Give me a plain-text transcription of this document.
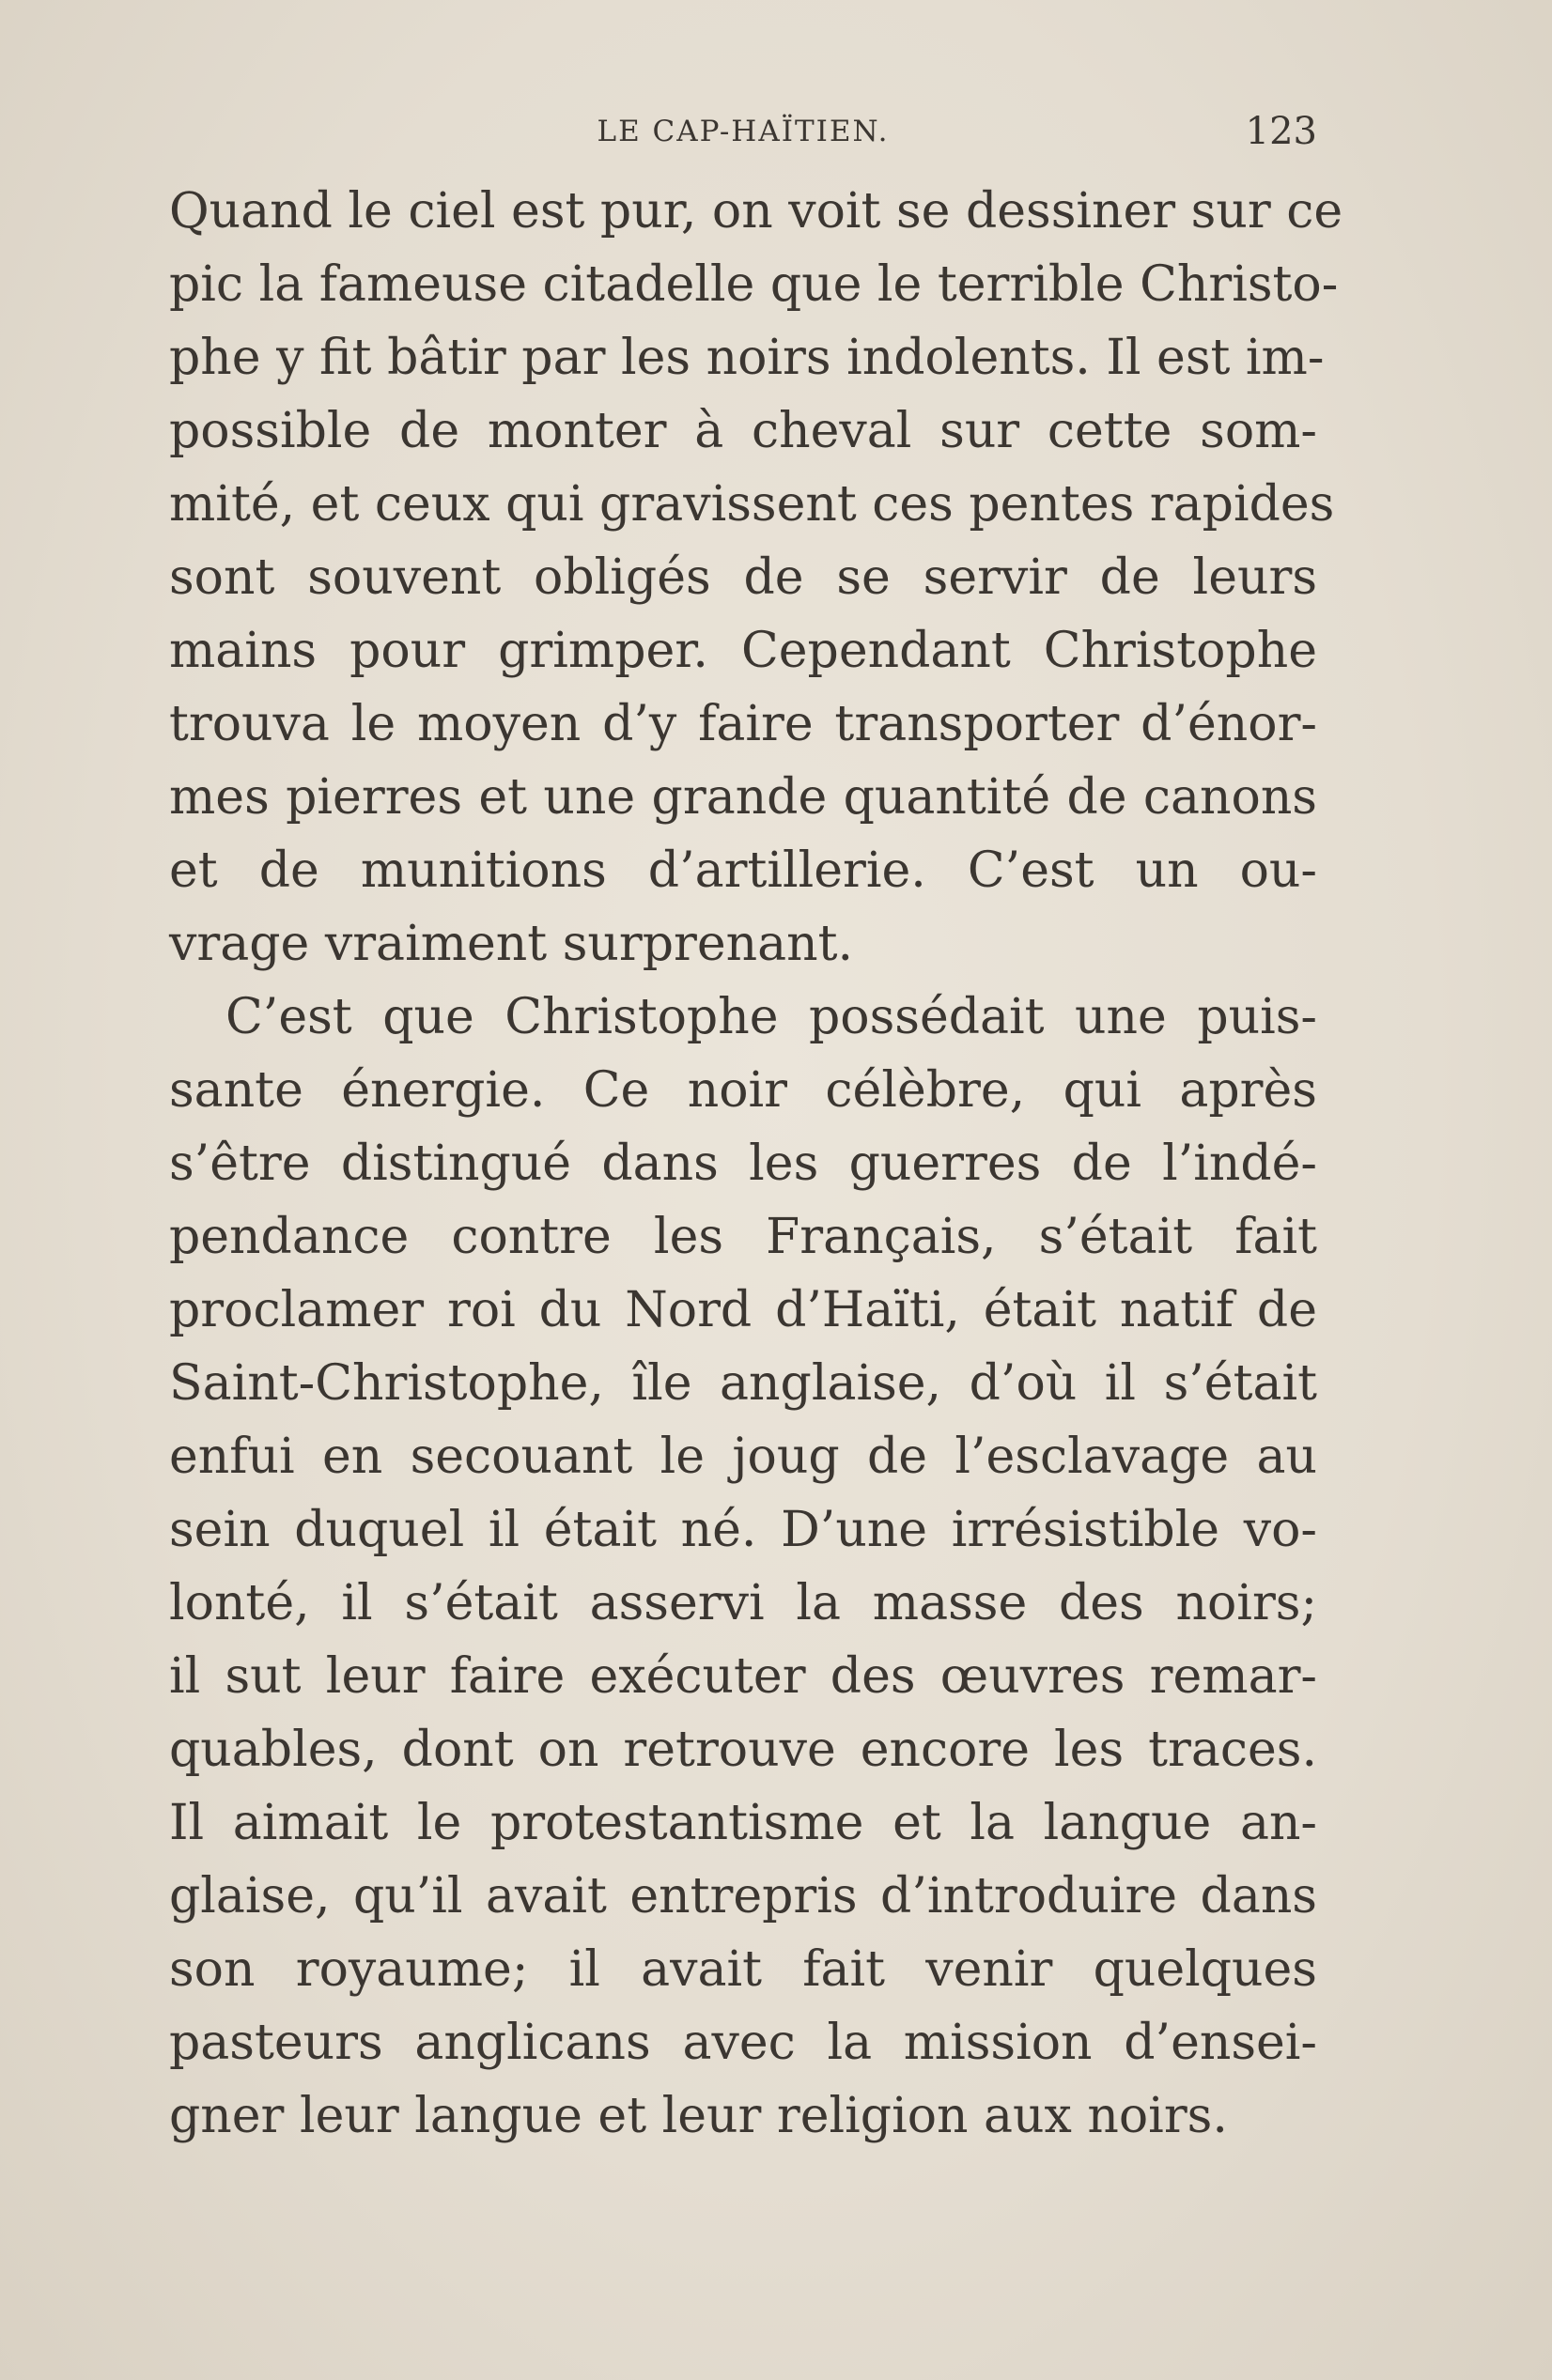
LE CAP-HAÏTIEN.	123
Quand le ciel est pur, on voit se dessiner sur ce
pic la fameuse citadelle que le terrible Christo-
phe y fit bâtir par les noirs indolents. Il est im-
possible de monter à cheval sur cette som-
mité, et ceux qui gravissent ces pentes rapides
sont souvent obligés de se servir de leurs
mains pour grimper. Cependant Christophe
trouva le moyen d’y faire transporter d’énor-
mes pierres et une grande quantité de canons
et de munitions d’artillerie. C’est un ou-
vrage vraiment surprenant.
C’est que Christophe possédait une puis-
sante énergie. Ce noir célèbre, qui après
s’être distingué dans les guerres de l’indé-
pendance contre les Français, s’était fait
proclamer roi du Nord d’Haïti, était natif de
Saint-Christophe, île anglaise, d’où il s’était
enfui en secouant le joug de l’esclavage au
sein duquel il était né. D’une irrésistible vo-
lonté, il s’était asservi la masse des noirs;
il sut leur faire exécuter des œuvres remar-
quables, dont on retrouve encore les traces.
Il aimait le protestantisme et la langue an-
glaise, qu’il avait entrepris d’introduire dans
son royaume; il avait fait venir quelques
pasteurs anglicans avec la mission d’ensei-
gner leur langue et leur religion aux noirs.
